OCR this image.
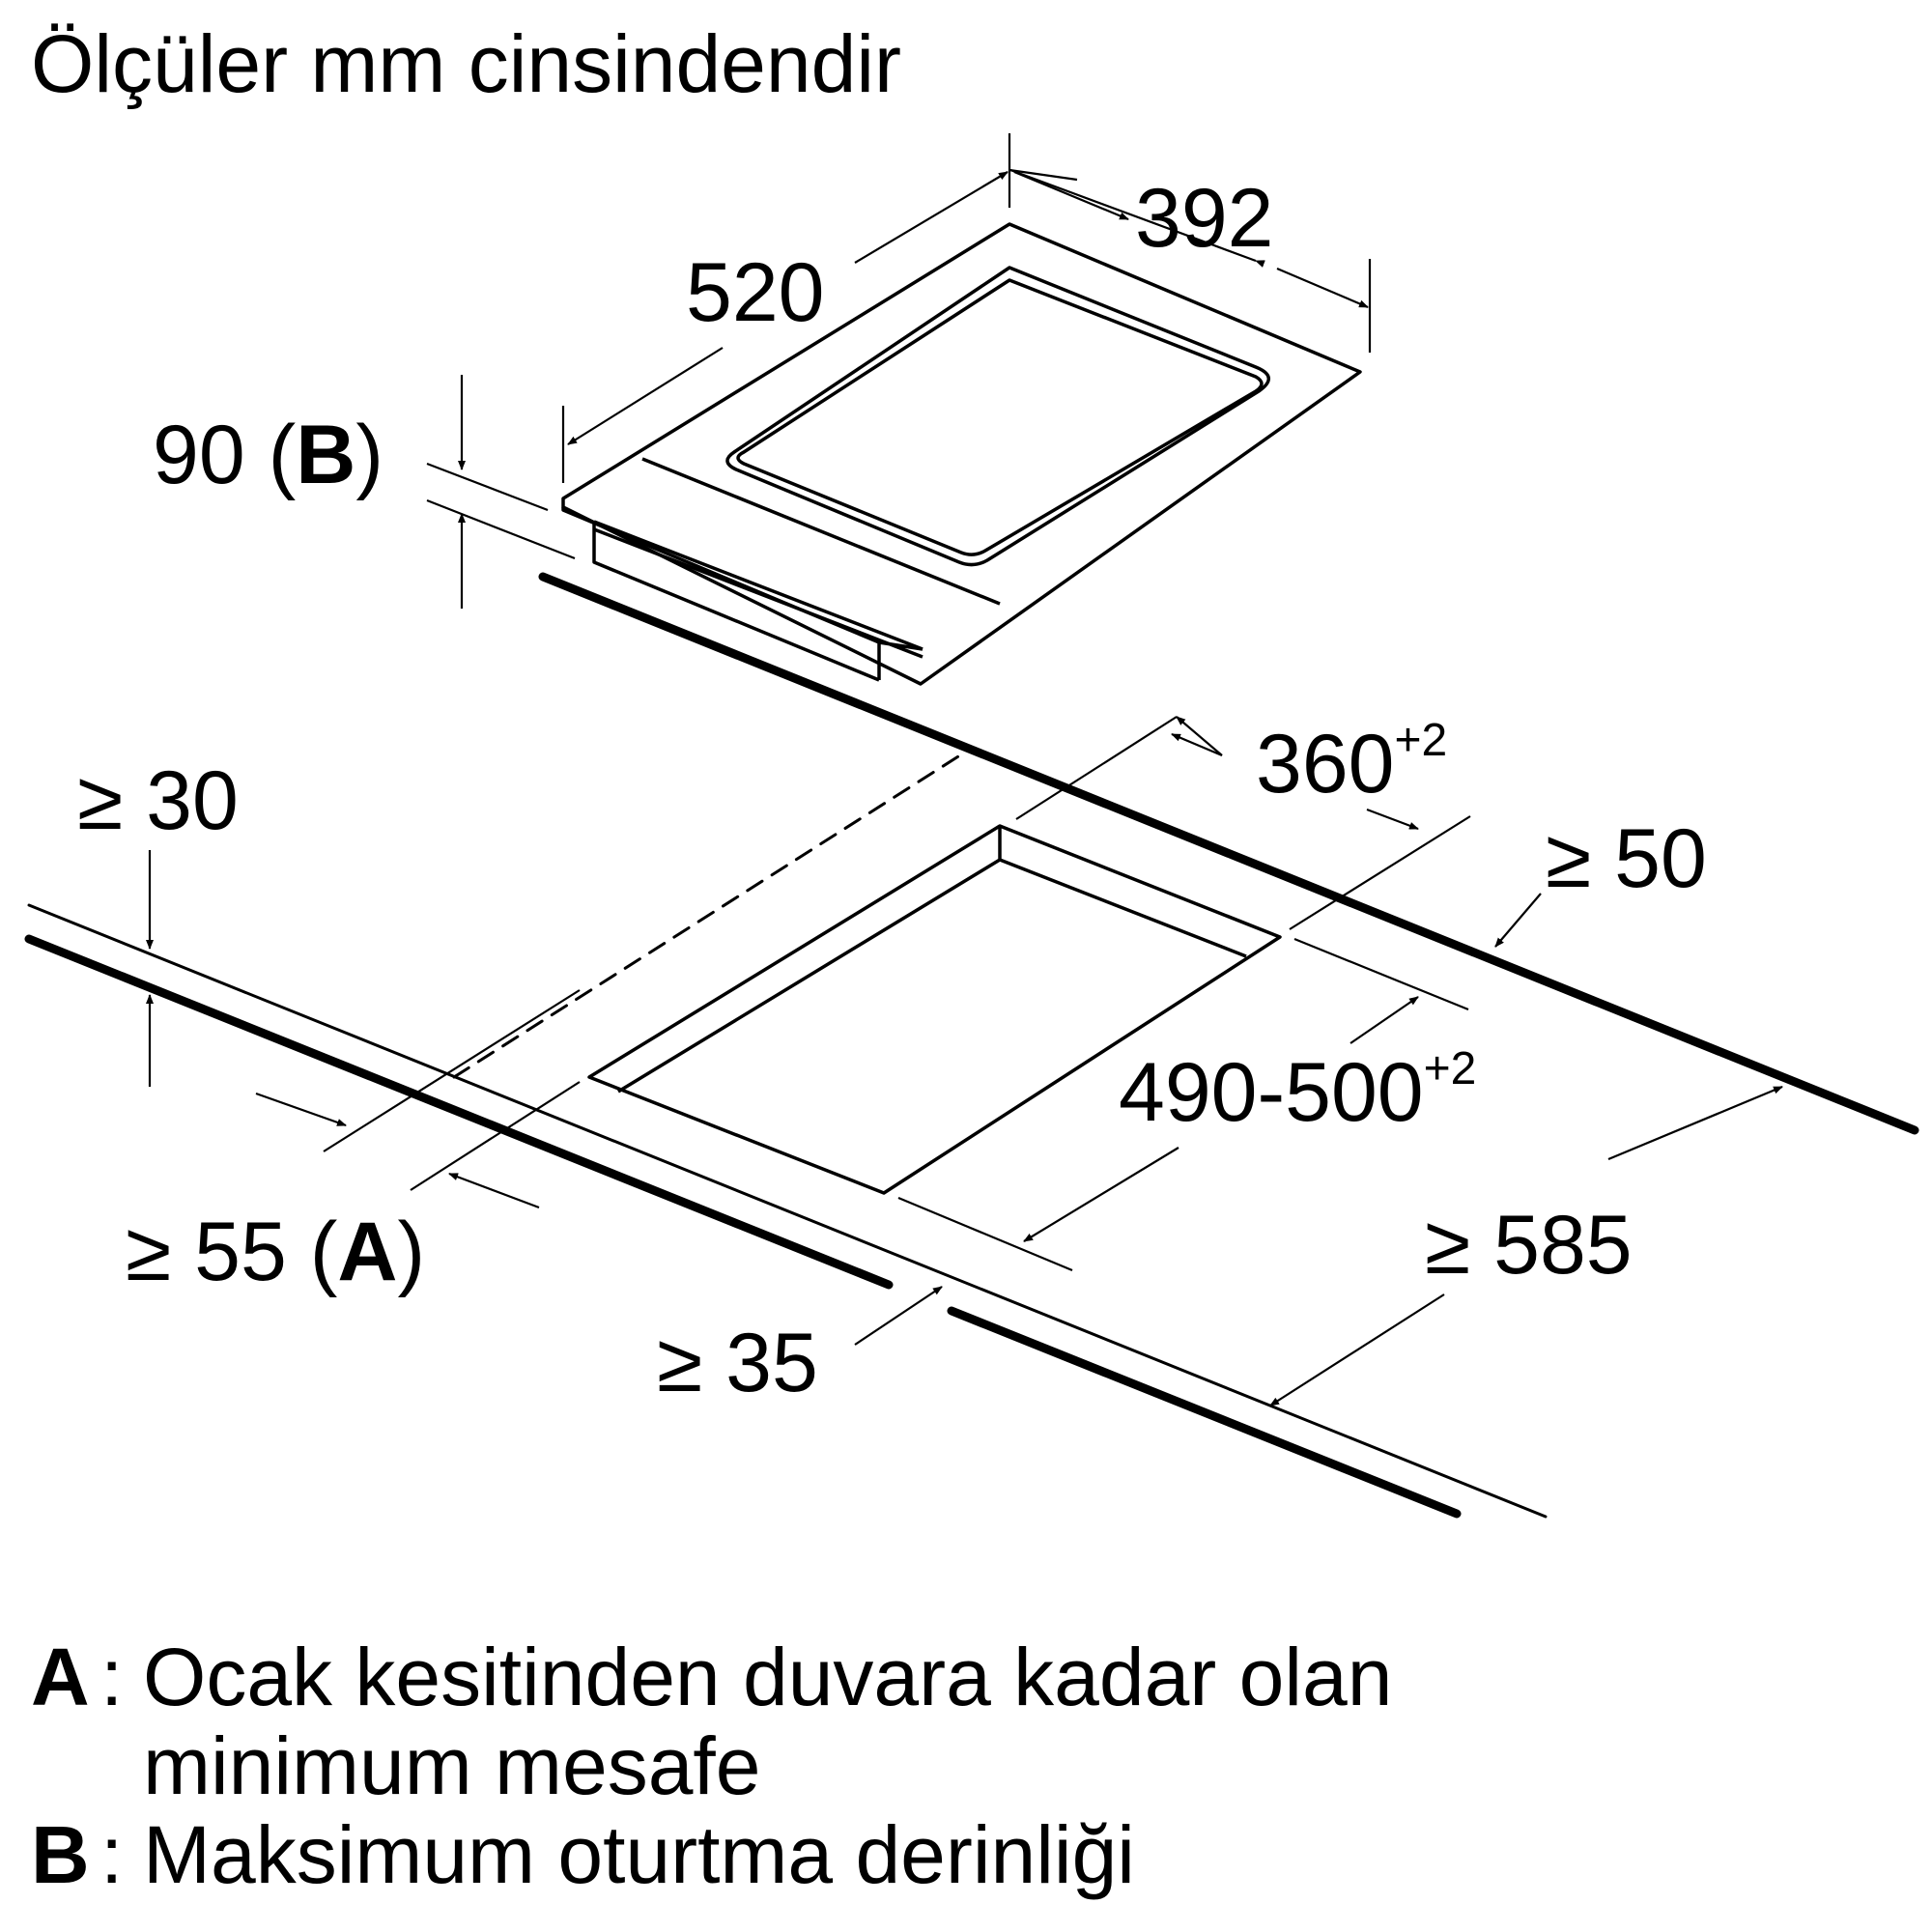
Ölçüler mm cinsindendir
392
520
90 (B)
$360^{+2}$
≥ 50
$490-500^{+2}$
≥ 585
≥ 30
≥ 55 (A)
≥ 35
A : Ocak kesitinden duvara kadar olan
minimum mesafe
B : Maksimum oturtma derinliği
